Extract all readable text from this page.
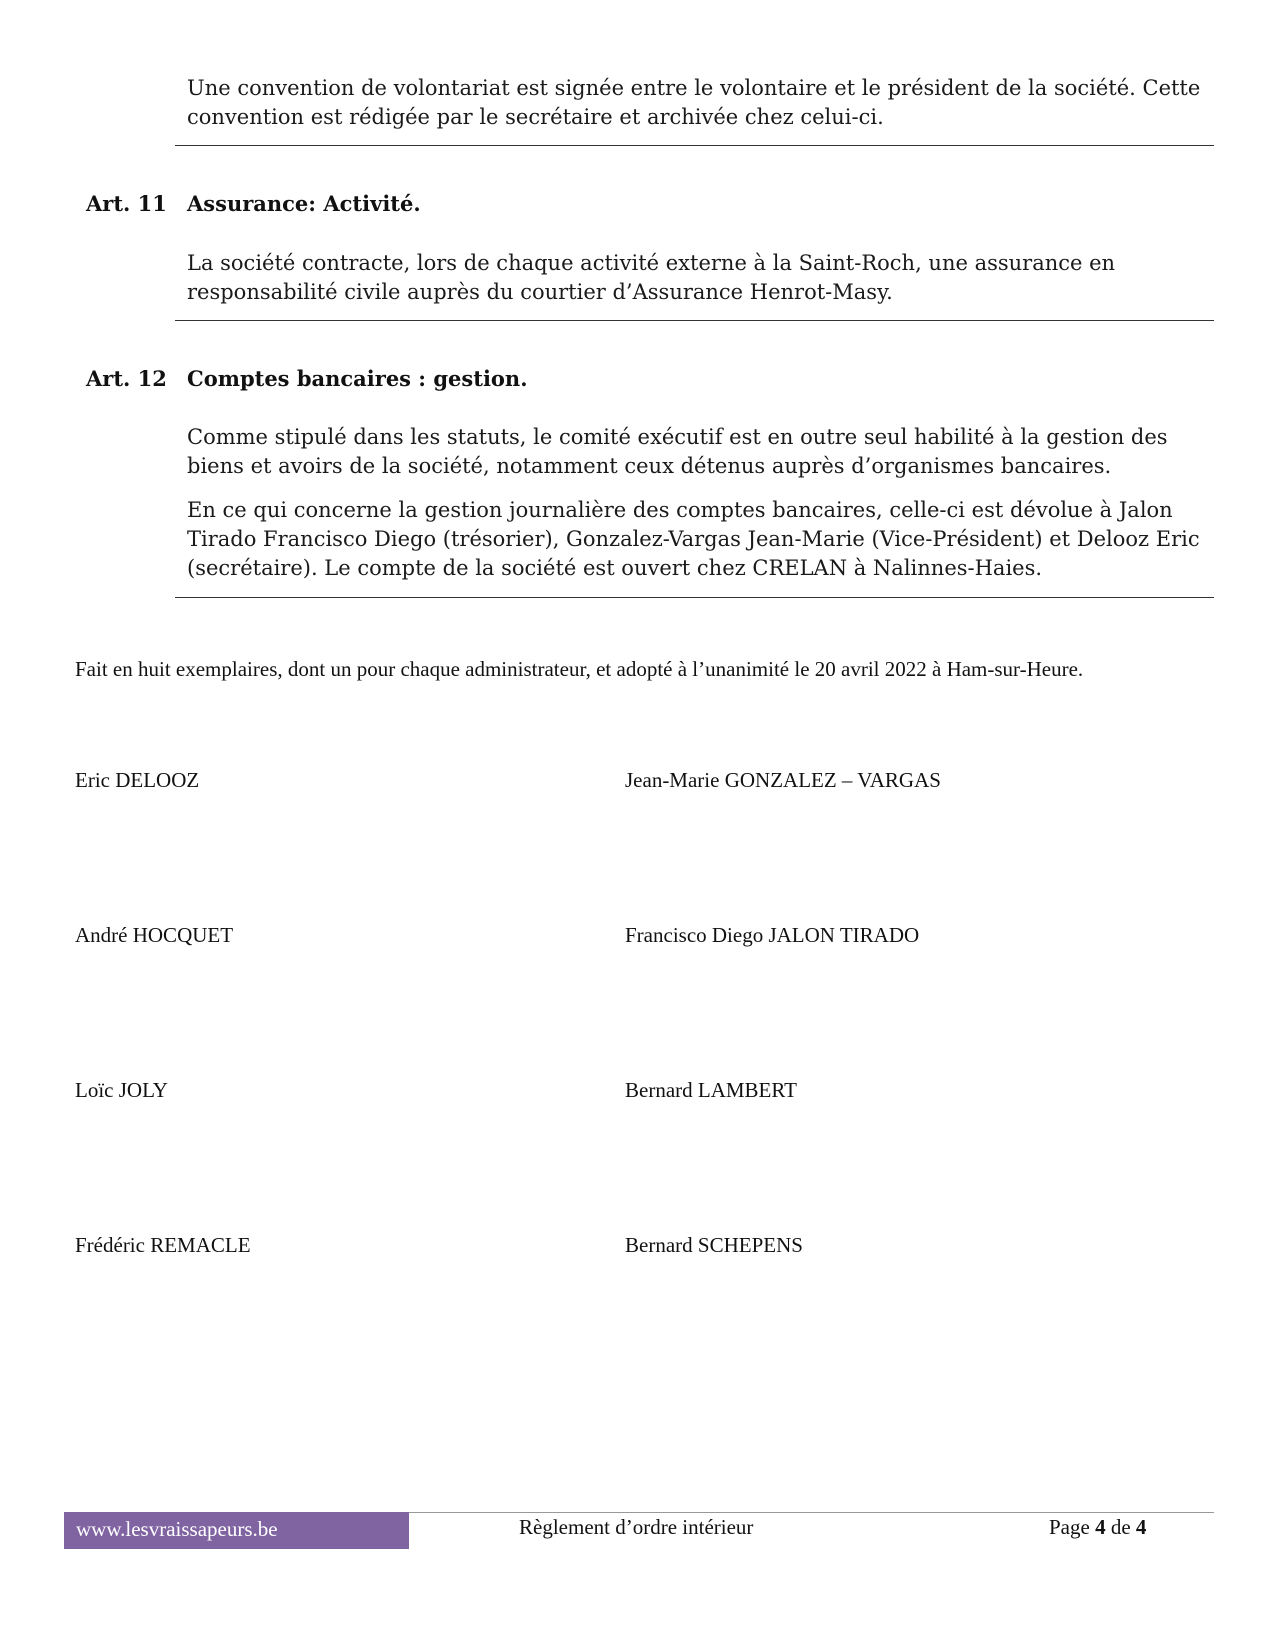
Une convention de volontariat est signée entre le volontaire et le président de la société. Cette convention est rédigée par le secrétaire et archivée chez celui-ci.

Art. 11 Assurance: Activité.

La société contracte, lors de chaque activité externe à la Saint-Roch, une assurance en responsabilité civile auprès du courtier d’Assurance Henrot-Masy.

Art. 12 Comptes bancaires : gestion.

Comme stipulé dans les statuts, le comité exécutif est en outre seul habilité à la gestion des biens et avoirs de la société, notamment ceux détenus auprès d’organismes bancaires.

En ce qui concerne la gestion journalière des comptes bancaires, celle-ci est dévolue à Jalon Tirado Francisco Diego (trésorier), Gonzalez-Vargas Jean-Marie (Vice-Président) et Delooz Eric (secrétaire). Le compte de la société est ouvert chez CRELAN à Nalinnes-Haies.

Fait en huit exemplaires, dont un pour chaque administrateur, et adopté à l’unanimité le 20 avril 2022 à Ham-sur-Heure.

Eric DELOOZ	Jean-Marie GONZALEZ – VARGAS
André HOCQUET	Francisco Diego JALON TIRADO
Loïc JOLY	Bernard LAMBERT
Frédéric REMACLE	Bernard SCHEPENS
www.lesvraissapeurs.be	Règlement d’ordre intérieur	Page 4 de 4
